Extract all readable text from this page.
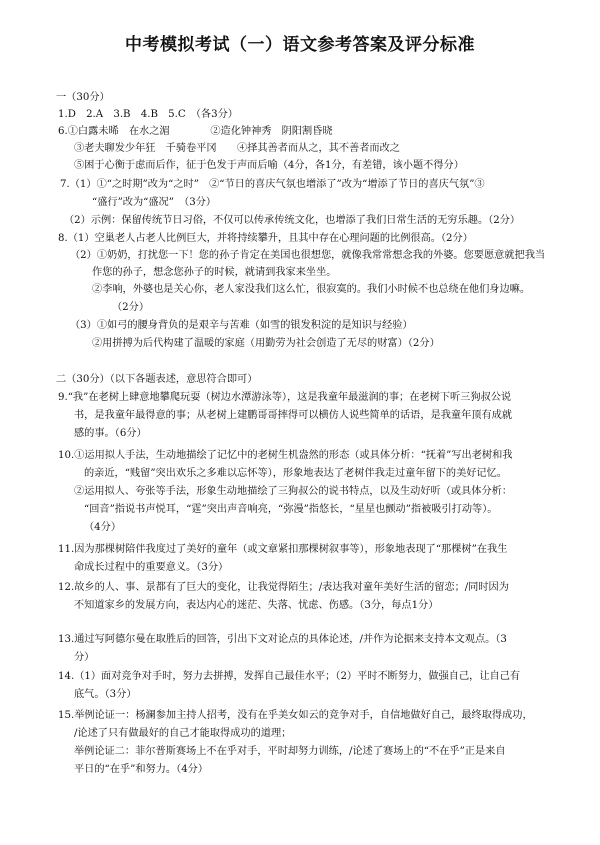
中考模拟考试（一）语文参考答案及评分标准
一（30分）
1.D　2.A　3.B　4.B　5.C　（各3分）
6.①白露未晞　在水之湄　　　　②造化钟神秀　阴阳割昏晓
③老夫聊发少年狂　千骑卷平冈　　④择其善者而从之，其不善者而改之
⑤困于心衡于虑而后作，征于色发于声而后喻（4分，各1分，有差错，该小题不得分）
7.（1）①“之时期”改为“之时”　②“节日的喜庆气氛也增添了”改为“增添了节日的喜庆气氛”③
“盛行”改为“盛况”　（3分）
（2）示例：保留传统节日习俗，不仅可以传承传统文化，也增添了我们日常生活的无穷乐趣。（2分）
8.（1）空巢老人占老人比例巨大，并将持续攀升，且其中存在心理问题的比例很高。（2分）
（2）①奶奶，打扰您一下！您的孙子肯定在美国也很想您，就像我常常想念我的外婆。您要愿意就把我当
作您的孙子，想念您孙子的时候，就请到我家来坐坐。
②李响，外婆也是关心你，老人家没我们这么忙，很寂寞的。我们小时候不也总绕在他们身边嘛。
（2分）
（3）①如弓的腰身背负的是艰辛与苦难（如雪的银发积淀的是知识与经验）
②用拼搏为后代构建了温暖的家庭（用勤劳为社会创造了无尽的财富）（2分）
二（30分）（以下各题表述，意思符合即可）
9.“我”在老树上肆意地攀爬玩耍（树边水潭游泳等），这是我童年最滋润的事；在老树下听三狗叔公说
书，是我童年最得意的事；从老树上建鹏哥哥摔得可以横仿人说些简单的话语，是我童年顶有成就
感的事。（6分）
10.①运用拟人手法，生动地描绘了记忆中的老树生机盎然的形态（或具体分析：“抚着”写出老树和我
的亲近，“贱留”突出欢乐之多难以忘怀等），形象地表达了老树伴我走过童年留下的美好记忆。
②运用拟人、夸张等手法，形象生动地描绘了三狗叔公的说书特点，以及生动好听（或具体分析：
“回音”指说书声悦耳，“霆”突出声音响亮，“弥漫”指悠长，“星星也颤动”指被吸引打动等）。
（4分）
11.因为那棵树陪伴我度过了美好的童年（或文章紧扣那棵树叙事等），形象地表现了“那棵树”在我生
命成长过程中的重要意义。（3分）
12.故乡的人、事、景都有了巨大的变化，让我觉得陌生；/表达我对童年美好生活的留恋；/同时因为
不知道家乡的发展方向，表达内心的迷茫、失落、忧虑、伤感。（3分，每点1分）
13.通过写阿德尔曼在取胜后的回答，引出下文对论点的具体论述，/并作为论据来支持本文观点。（3
分）
14.（1）面对竞争对手时，努力去拼搏，发挥自己最佳水平；（2）平时不断努力，做强自己，让自己有
底气。（3分）
15.举例论证一：杨澜参加主持人招考，没有在乎美女如云的竞争对手，自信地做好自己，最终取得成功，
/论述了只有做最好的自己才能取得成功的道理；
举例论证二：菲尔普斯赛场上不在乎对手，平时却努力训练，/论述了赛场上的“不在乎”正是来自
平日的“在乎”和努力。（4分）
